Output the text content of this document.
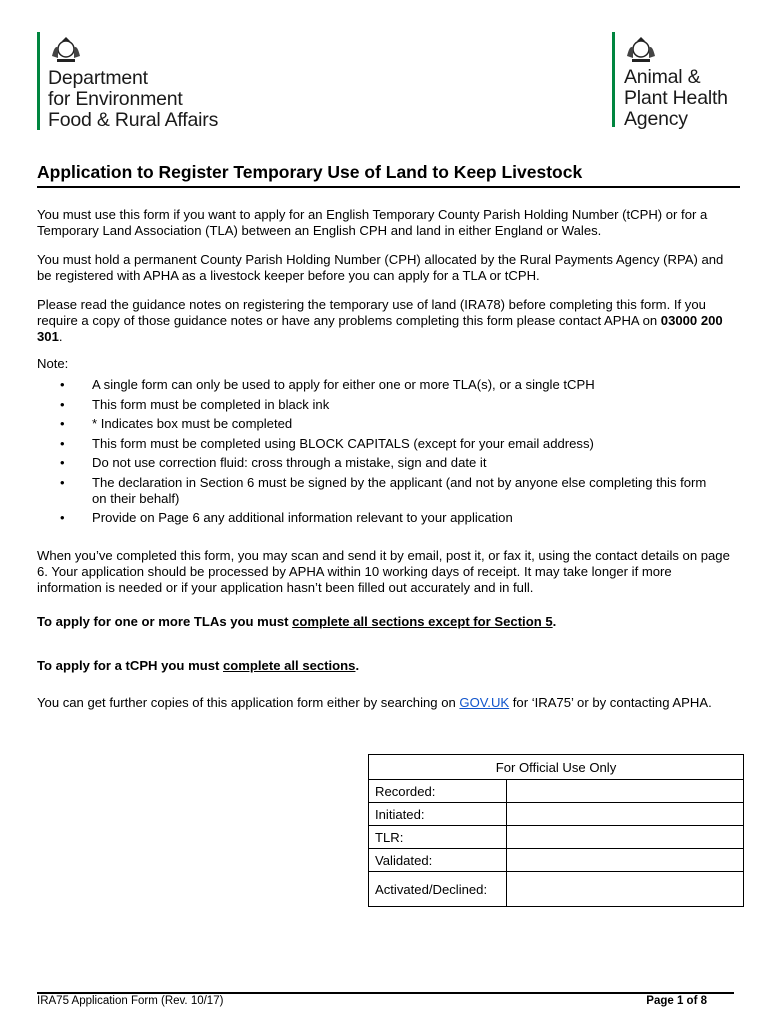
Department
for Environment
Food & Rural Affairs
Animal &
Plant Health
Agency
Application to Register Temporary Use of Land to Keep Livestock
You must use this form if you want to apply for an English Temporary County Parish Holding Number (tCPH) or for a Temporary Land Association (TLA) between an English CPH and land in either England or Wales.
You must hold a permanent County Parish Holding Number (CPH) allocated by the Rural Payments Agency (RPA) and be registered with APHA as a livestock keeper before you can apply for a TLA or tCPH.
Please read the guidance notes on registering the temporary use of land (IRA78) before completing this form. If you require a copy of those guidance notes or have any problems completing this form please contact APHA on 03000 200 301.
Note:
• A single form can only be used to apply for either one or more TLA(s), or a single tCPH
• This form must be completed in black ink
• * Indicates box must be completed
• This form must be completed using BLOCK CAPITALS (except for your email address)
• Do not use correction fluid: cross through a mistake, sign and date it
• The declaration in Section 6 must be signed by the applicant (and not by anyone else completing this form on their behalf)
• Provide on Page 6 any additional information relevant to your application
When you’ve completed this form, you may scan and send it by email, post it, or fax it, using the contact details on page 6. Your application should be processed by APHA within 10 working days of receipt. It may take longer if more information is needed or if your application hasn’t been filled out accurately and in full.
To apply for one or more TLAs you must complete all sections except for Section 5.
To apply for a tCPH you must complete all sections.
You can get further copies of this application form either by searching on GOV.UK for ‘IRA75’ or by contacting APHA.
For Official Use Only	
Recorded:	
Initiated:	
TLR:	
Validated:	
Activated/Declined:	
IRA75 Application Form (Rev. 10/17)	Page 1 of 8
